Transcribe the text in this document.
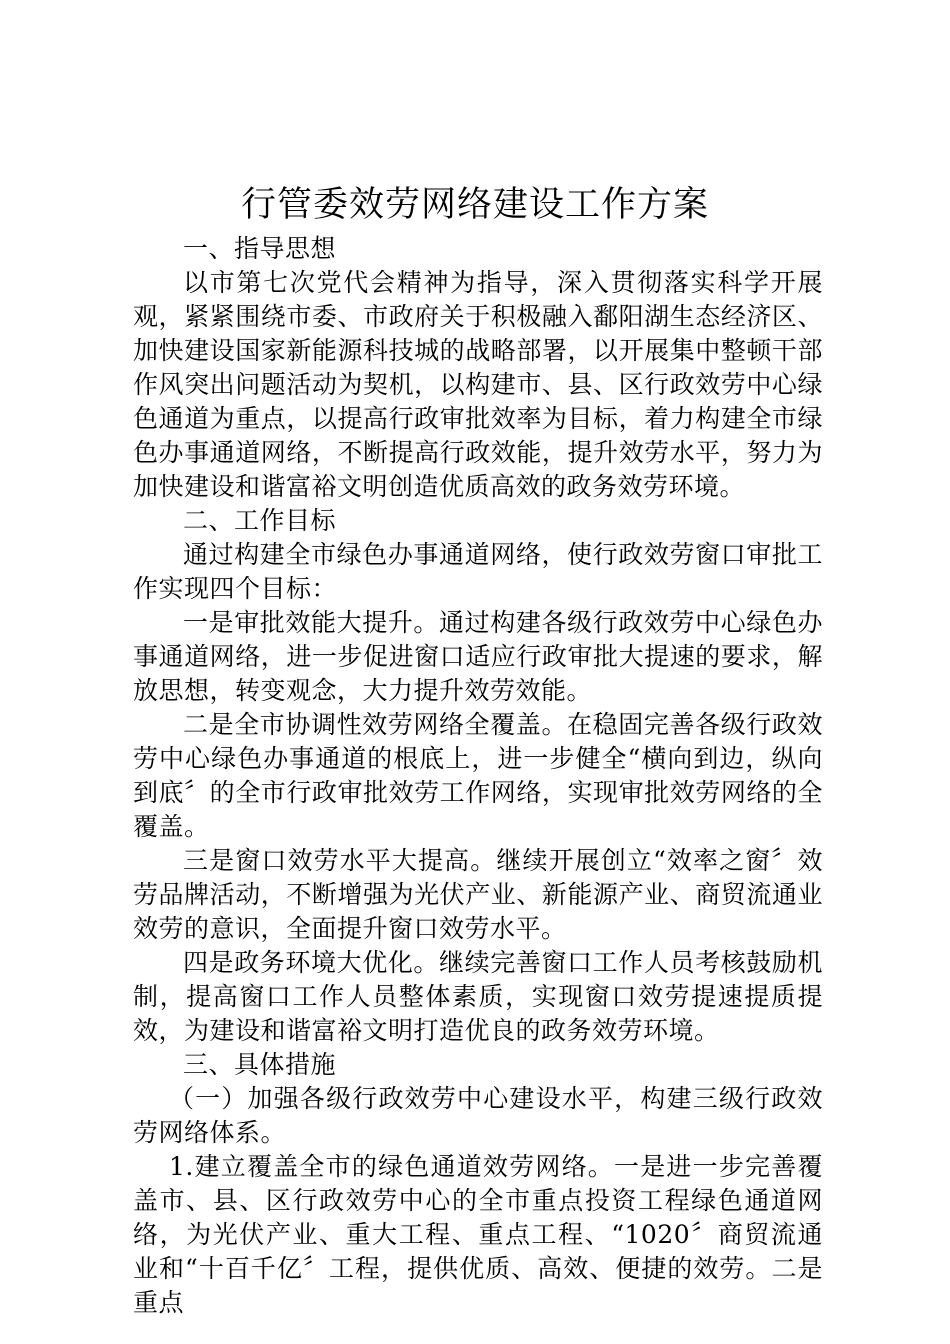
行管委效劳网络建设工作方案

一、指导思想

以市第七次党代会精神为指导，深入贯彻落实科学开展观，紧紧围绕市委、市政府关于积极融入鄱阳湖生态经济区、加快建设国家新能源科技城的战略部署，以开展集中整顿干部作风突出问题活动为契机，以构建市、县、区行政效劳中心绿色通道为重点，以提高行政审批效率为目标，着力构建全市绿色办事通道网络，不断提高行政效能，提升效劳水平，努力为加快建设和谐富裕文明创造优质高效的政务效劳环境。

二、工作目标

通过构建全市绿色办事通道网络，使行政效劳窗口审批工作实现四个目标：

一是审批效能大提升。通过构建各级行政效劳中心绿色办事通道网络，进一步促进窗口适应行政审批大提速的要求，解放思想，转变观念，大力提升效劳效能。

二是全市协调性效劳网络全覆盖。在稳固完善各级行政效劳中心绿色办事通道的根底上，进一步健全“横向到边，纵向到底〞的全市行政审批效劳工作网络，实现审批效劳网络的全覆盖。

三是窗口效劳水平大提高。继续开展创立“效率之窗〞效劳品牌活动，不断增强为光伏产业、新能源产业、商贸流通业效劳的意识，全面提升窗口效劳水平。

四是政务环境大优化。继续完善窗口工作人员考核鼓励机制，提高窗口工作人员整体素质，实现窗口效劳提速提质提效，为建设和谐富裕文明打造优良的政务效劳环境。

三、具体措施

（一）加强各级行政效劳中心建设水平，构建三级行政效劳网络体系。

1.建立覆盖全市的绿色通道效劳网络。一是进一步完善覆盖市、县、区行政效劳中心的全市重点投资工程绿色通道网络，为光伏产业、重大工程、重点工程、“1020〞商贸流通业和“十百千亿〞工程，提供优质、高效、便捷的效劳。二是重点
